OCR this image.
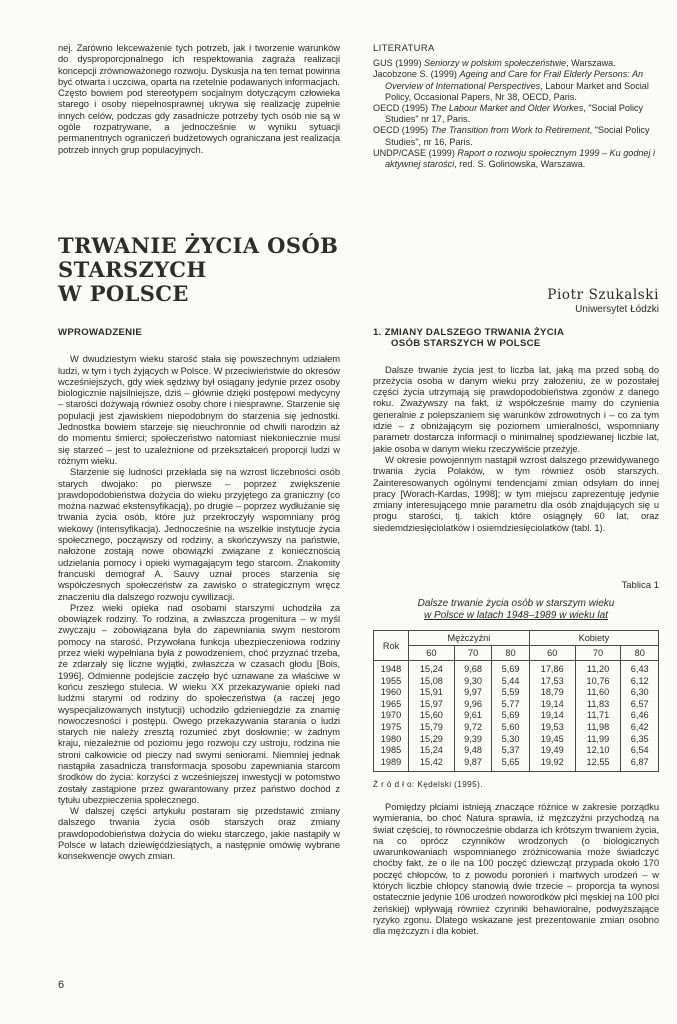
nej. Zarówno lekceważenie tych potrzeb, jak i tworzenie warunków do dysproporcjonalnego ich respektowania zagraża realizacji koncepcji zrównoważonego rozwoju. Dyskusja na ten temat powinna być otwarta i uczciwa, oparta na rzetelnie podawanych informacjach. Często bowiem pod stereotypem socjalnym dotyczącym człowieka starego i osoby niepełnosprawnej ukrywa się realizację zupełnie innych celów, podczas gdy zasadnicze potrzeby tych osób nie są w ogóle rozpatrywane, a jednocześnie w wyniku sytuacji permanentnych ograniczeń budżetowych ograniczana jest realizacja potrzeb innych grup populacyjnych.

LITERATURA

GUS (1999) Seniorzy w polskim społeczeństwie, Warszawa.

Jacobzone S. (1999) Ageing and Care for Frail Elderly Persons: An Overview of International Perspectives, Labour Market and Social Policy, Occasional Papers, Nr 38, OECD, Paris.

OECD (1995) The Labour Market and Older Workes, "Social Policy Studies" nr 17, Paris.

OECD (1995) The Transition from Work to Retirement, "Social Policy Studies", nr 16, Paris.

UNDP/CASE (1999) Raport o rozwoju społecznym 1999 – Ku godnej i aktywnej starości, red. S. Golinowska, Warszawa.

TRWANIE ŻYCIA OSÓB STARSZYCH
W POLSCE	Piotr Szukalski
Uniwersytet Łódzki
WPROWADZENIE

W dwudziestym wieku starość stała się powszechnym udziałem ludzi, w tym i tych żyjących w Polsce. W przeciwieństwie do okresów wcześniejszych, gdy wiek sędziwy był osiągany jedynie przez osoby biologicznie najsilniejsze, dziś – głównie dzięki postępowi medycyny – starości dożywają również osoby chore i niesprawne. Starzenie się populacji jest zjawiskiem niepodobnym do starzenia się jednostki. Jednostka bowiem starzeje się nieuchronnie od chwili narodzin aż do momentu śmierci; społeczeństwo natomiast niekoniecznie musi się starzeć – jest to uzależnione od przekształceń proporcji ludzi w różnym wieku.

Starzenie się ludności przekłada się na wzrost liczebności osób starych dwojako: po pierwsze – poprzez zwiększenie prawdopodobieństwa dożycia do wieku przyjętego za graniczny (co można nazwać ekstensyfikacją), po drugie – poprzez wydłużanie się trwania życia osób, które już przekroczyły wspomniany próg wiekowy (intensyfikacja). Jednocześnie na wszelkie instytucje życia społecznego, począwszy od rodziny, a skończywszy na państwie, nałożone zostają nowe obowiązki związane z koniecznością udzielania pomocy i opieki wymagającym tego starcom. Znakomity francuski demograf A. Sauvy uznał proces starzenia się współczesnych społeczeństw za zawisko o strategicznym wręcz znaczeniu dla dalszego rozwoju cywilizacji.

Przez wieki opieka nad osobami starszymi uchodziła za obowiązek rodziny. To rodzina, a zwłaszcza progenitura – w myśl zwyczaju – zobowiązana była do zapewniania swym nestorom pomocy na starość. Przywołana funkcja ubezpieczeniowa rodziny przez wieki wypełniana była z powodzeniem, choć przyznać trzeba, że zdarzały się liczne wyjątki, zwłaszcza w czasach głodu [Bois, 1996]. Odmienne podejście zaczęło być uznawane za właściwe w końcu zeszłego stulecia. W wieku XX przekazywanie opieki nad ludźmi starymi od rodziny do społeczeństwa (a raczej jego wyspecjalizowanych instytucji) uchodziło gdzieniegdzie za znamię nowoczesności i postępu. Owego przekazywania starania o ludzi starych nie należy zresztą rozumieć zbyt dosłownie; w żadnym kraju, niezależnie od poziomu jego rozwoju czy ustroju, rodzina nie stroni całkowicie od pieczy nad swymi seniorami. Niemniej jednak nastąpiła zasadnicza transformacja sposobu zapewniania starcom środków do życia: korzyści z wcześniejszej inwestycji w potomstwo zostały zastąpione przez gwarantowany przez państwo dochód z tytułu ubezpieczenia społecznego.

W dalszej części artykułu postaram się przedstawić zmiany dalszego trwania życia osób starszych oraz zmiany prawdopodobieństwa dożycia do wieku starczego, jakie nastąpiły w Polsce w latach dziewięćdziesiątych, a następnie omówię wybrane konsekwencje owych zmian.

1. ZMIANY DALSZEGO TRWANIA ŻYCIA
OSÓB STARSZYCH W POLSCE

Dalsze trwanie życia jest to liczba lat, jaką ma przed sobą do przeżycia osoba w danym wieku przy założeniu, że w pozostałej części życia utrzymają się prawdopodobieństwa zgonów z danego roku. Zważywszy na fakt, iż współcześnie mamy do czynienia generalnie z polepszaniem się warunków zdrowotnych i – co za tym idzie – z obniżającym się poziomem umieralności, wspomniany parametr dostarcza informacji o minimalnej spodziewanej liczbie lat, jakie osoba w danym wieku rzeczywiście przeżyje.

W okresie powojennym nastąpił wzrost dalszego przewidywanego trwania życia Polaków, w tym również osób starszych. Zainteresowanych ogólnymi tendencjami zmian odsyłam do innej pracy [Worach-Kardas, 1998]; w tym miejscu zaprezentuję jedynie zmiany interesującego mnie parametru dla osób znajdujących się u progu starości, tj. takich które osiągnęły 60 lat, oraz siedemdziesięciolatków i osiemdziesięciolatków (tabl. 1).

Tablica 1
Dalsze trwanie życia osób w starszym wieku
w Polsce w latach 1948–1989 w wieku lat
Rok	Mężczyźni			Kobiety		
	60	70	80	60	70	80
1948	15,24	9,68	5,69	17,86	11,20	6,43
1955	15,08	9,30	5,44	17,53	10,76	6,12
1960	15,91	9,97	5,59	18,79	11,60	6,30
1965	15,97	9,96	5,77	19,14	11,83	6,57
1970	15,60	9,61	5,69	19,14	11,71	6,46
1975	15,79	9,72	5,60	19,53	11,98	6,42
1980	15,29	9,39	5,30	19,45	11,99	6,35
1985	15,24	9,48	5,37	19,49	12,10	6,54
1989	15,42	9,87	5,65	19,92	12,55	6,87
Ź r ó d ł o: Kędelski (1995).

Pomiędzy płciami istnieją znaczące różnice w zakresie porządku wymierania, bo choć Natura sprawia, iż mężczyźni przychodzą na świat częściej, to równocześnie obdarza ich krótszym trwaniem życia, na co oprócz czynników wrodzonych (o biologicznych uwarunkowaniach wspomnianego zróżnicowania może świadczyć choćby fakt, że o ile na 100 poczęć dziewcząt przypada około 170 poczęć chłopców, to z powodu poronień i martwych urodzeń – w których liczbie chłopcy stanowią dwie trzecie – proporcja ta wynosi ostatecznie jedynie 106 urodzeń noworodków płci męskiej na 100 płci żeńskiej) wpływają również czynniki behawioralne, podwyższające ryzyko zgonu. Dlatego wskazane jest prezentowanie zmian osobno dla mężczyzn i dla kobiet.

6
